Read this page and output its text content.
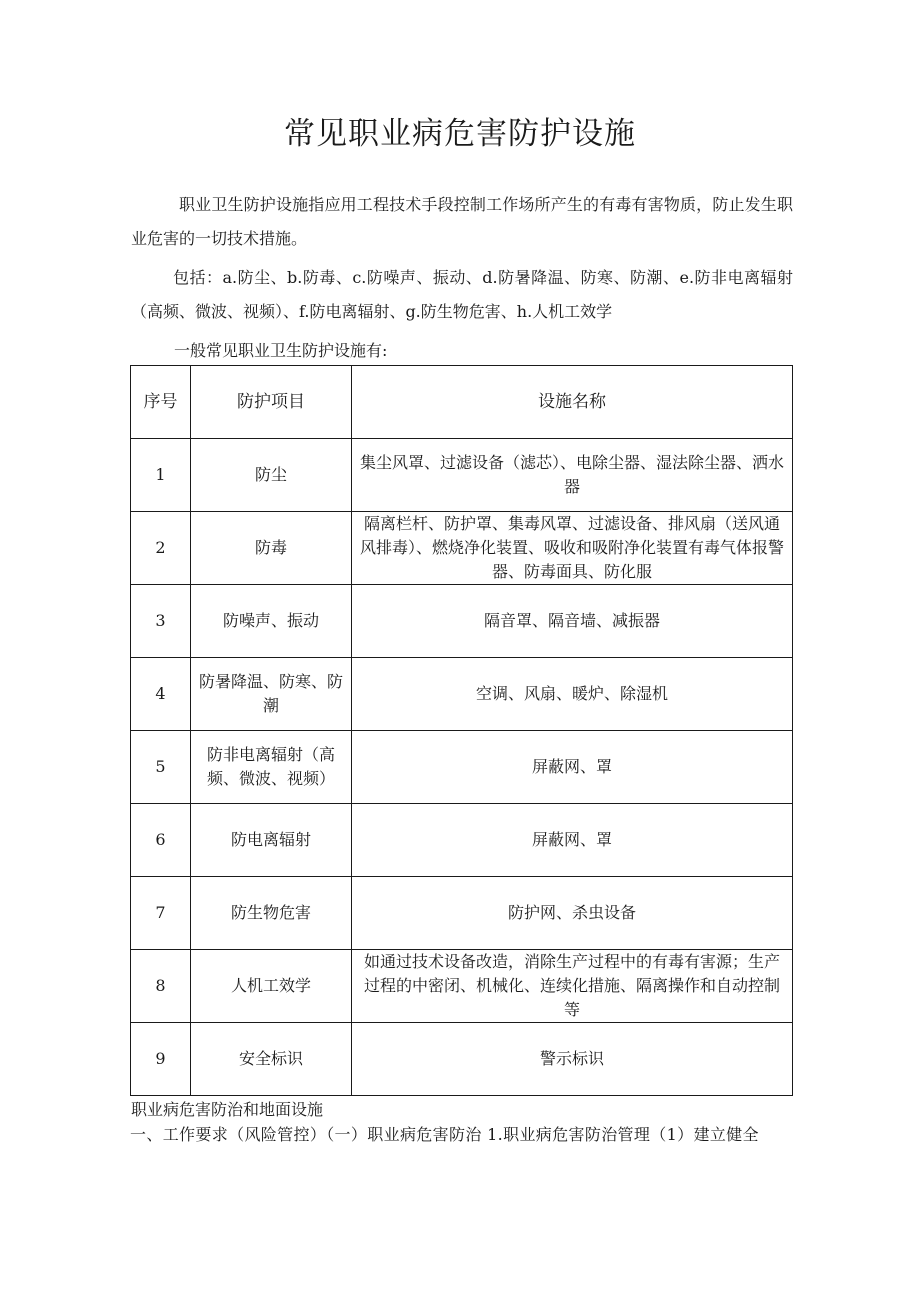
常见职业病危害防护设施

职业卫生防护设施指应用工程技术手段控制工作场所产生的有毒有害物质，防止发生职业危害的一切技术措施。

包括：a.防尘、b.防毒、c.防噪声、振动、d.防暑降温、防寒、防潮、e.防非电离辐射（高频、微波、视频）、f.防电离辐射、g.防生物危害、h.人机工效学

一般常见职业卫生防护设施有:

序号	防护项目	设施名称
1	防尘	集尘风罩、过滤设备（滤芯）、电除尘器、湿法除尘器、洒水器
2	防毒	隔离栏杆、防护罩、集毒风罩、过滤设备、排风扇（送风通风排毒）、燃烧净化装置、吸收和吸附净化装置有毒气体报警器、防毒面具、防化服
3	防噪声、振动	隔音罩、隔音墙、减振器
4	防暑降温、防寒、防潮	空调、风扇、暖炉、除湿机
5	防非电离辐射（高频、微波、视频）	屏蔽网、罩
6	防电离辐射	屏蔽网、罩
7	防生物危害	防护网、杀虫设备
8	人机工效学	如通过技术设备改造，消除生产过程中的有毒有害源；生产过程的中密闭、机械化、连续化措施、隔离操作和自动控制等
9	安全标识	警示标识

职业病危害防治和地面设施

一、工作要求（风险管控）（一）职业病危害防治 1.职业病危害防治管理（1）建立健全
